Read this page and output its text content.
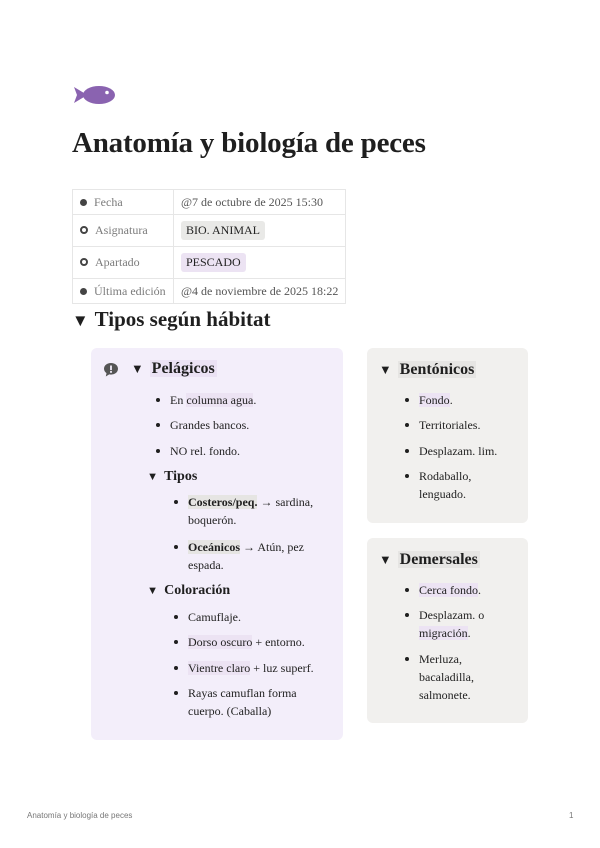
Anatomía y biología de peces
Fecha	@7 de octubre de 2025 15:30
Asignatura	BIO. ANIMAL
Apartado	PESCADO
Última edición	@4 de noviembre de 2025 18:22
▼ Tipos según hábitat
▼ Pelágicos
En columna agua.
Grandes bancos.
NO rel. fondo.
▼ Tipos
Costeros/peq. → sardina, boquerón.
Oceánicos → Atún, pez espada.
▼ Coloración
Camuflaje.
Dorso oscuro + entorno.
Vientre claro + luz superf.
Rayas camuflan forma cuerpo. (Caballa)
▼ Bentónicos
Fondo.
Territoriales.
Desplazam. lim.
Rodaballo, lenguado.
▼ Demersales
Cerca fondo.
Desplazam. o migración.
Merluza, bacaladilla, salmonete.
Anatomía y biología de peces	1
